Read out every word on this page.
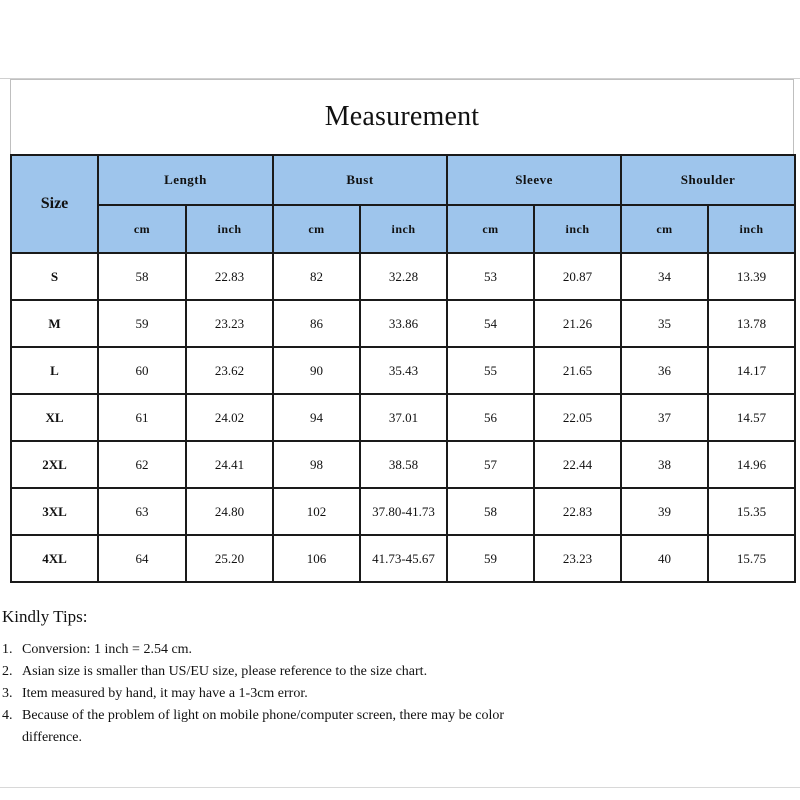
Measurement
Size	Length		Bust		Sleeve		Shoulder	
	cm	inch	cm	inch	cm	inch	cm	inch
S	58	22.83	82	32.28	53	20.87	34	13.39
M	59	23.23	86	33.86	54	21.26	35	13.78
L	60	23.62	90	35.43	55	21.65	36	14.17
XL	61	24.02	94	37.01	56	22.05	37	14.57
2XL	62	24.41	98	38.58	57	22.44	38	14.96
3XL	63	24.80	102	37.80-41.73	58	22.83	39	15.35
4XL	64	25.20	106	41.73-45.67	59	23.23	40	15.75
Kindly Tips:
1. Conversion: 1 inch = 2.54 cm.
2. Asian size is smaller than US/EU size, please reference to the size chart.
3. Item measured by hand, it may have a 1-3cm error.
4. Because of the problem of light on mobile phone/computer screen, there may be color difference.
